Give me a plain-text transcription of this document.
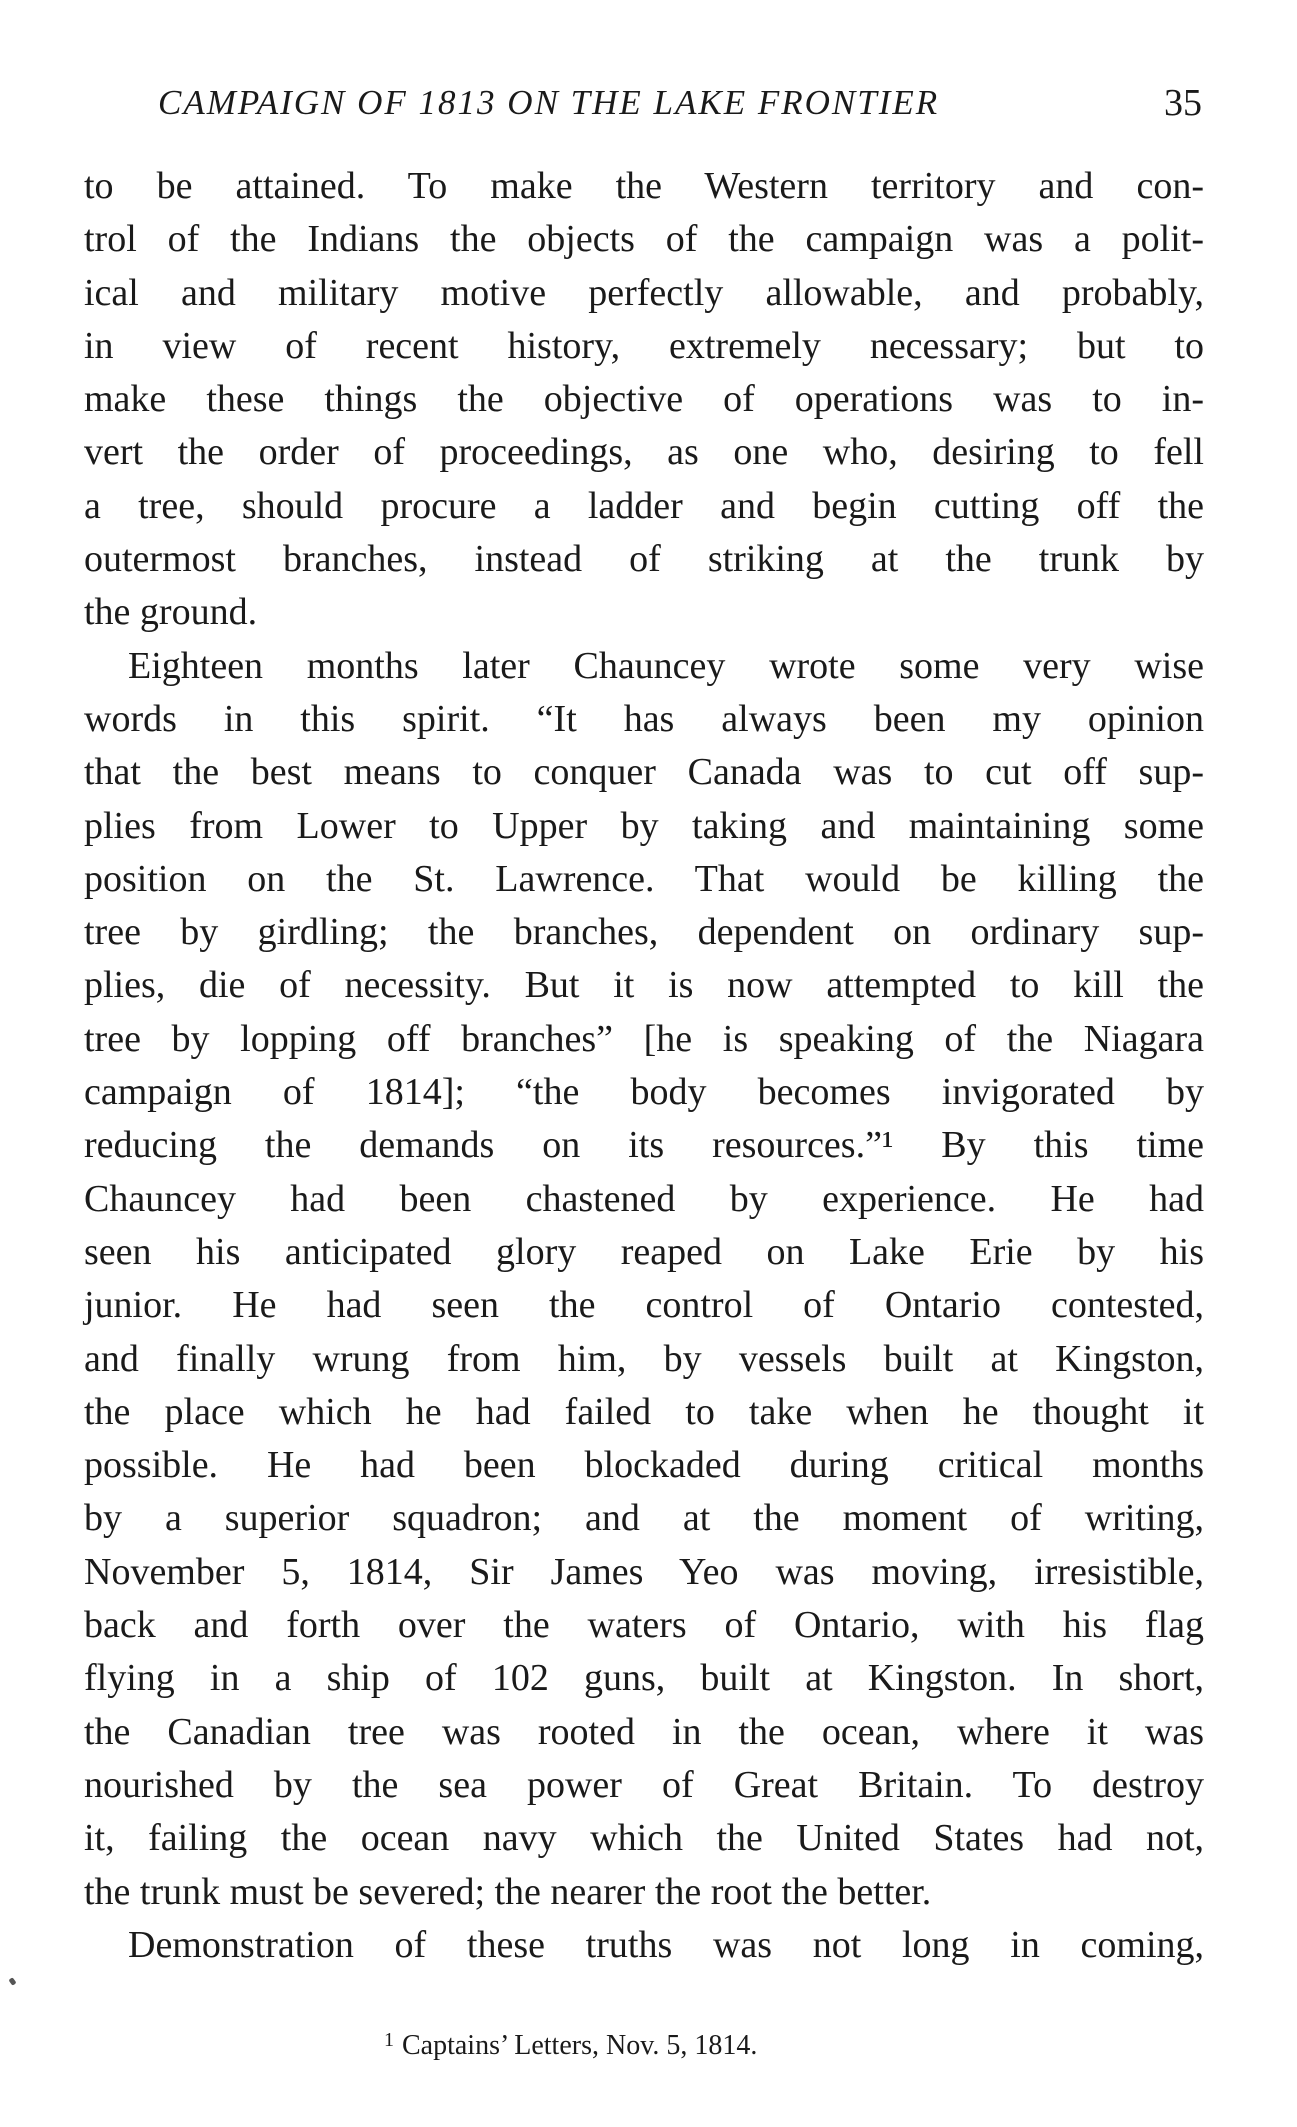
CAMPAIGN OF 1813 ON THE LAKE FRONTIER	35
to be attained. To make the Western territory and con-
trol of the Indians the objects of the campaign was a polit-
ical and military motive perfectly allowable, and probably,
in view of recent history, extremely necessary; but to
make these things the objective of operations was to in-
vert the order of proceedings, as one who, desiring to fell
a tree, should procure a ladder and begin cutting off the
outermost branches, instead of striking at the trunk by
the ground.
Eighteen months later Chauncey wrote some very wise
words in this spirit. “It has always been my opinion
that the best means to conquer Canada was to cut off sup-
plies from Lower to Upper by taking and maintaining some
position on the St. Lawrence. That would be killing the
tree by girdling; the branches, dependent on ordinary sup-
plies, die of necessity. But it is now attempted to kill the
tree by lopping off branches” [he is speaking of the Niagara
campaign of 1814]; “the body becomes invigorated by
reducing the demands on its resources.”¹ By this time
Chauncey had been chastened by experience. He had
seen his anticipated glory reaped on Lake Erie by his
junior. He had seen the control of Ontario contested,
and finally wrung from him, by vessels built at Kingston,
the place which he had failed to take when he thought it
possible. He had been blockaded during critical months
by a superior squadron; and at the moment of writing,
November 5, 1814, Sir James Yeo was moving, irresistible,
back and forth over the waters of Ontario, with his flag
flying in a ship of 102 guns, built at Kingston. In short,
the Canadian tree was rooted in the ocean, where it was
nourished by the sea power of Great Britain. To destroy
it, failing the ocean navy which the United States had not,
the trunk must be severed; the nearer the root the better.
Demonstration of these truths was not long in coming,
$^1$ Captains’ Letters, Nov. 5, 1814.
